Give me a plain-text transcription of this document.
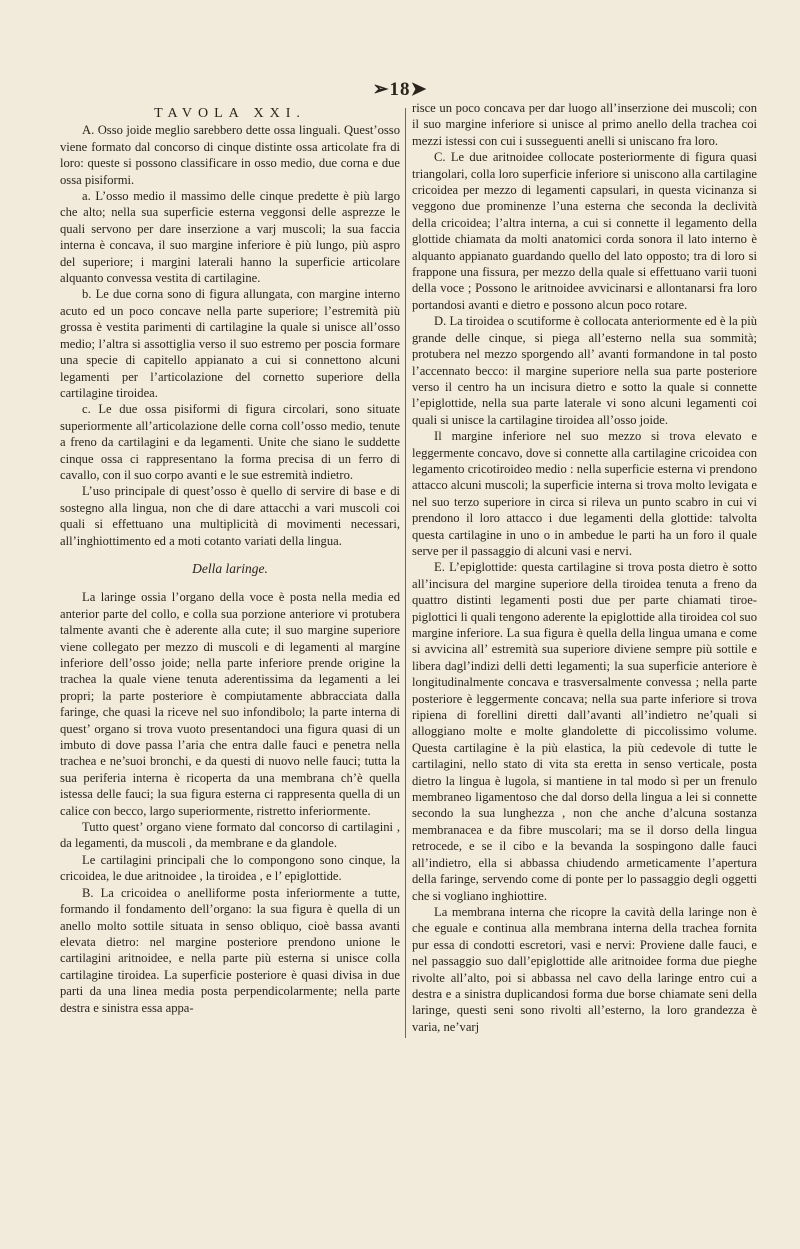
➢18➤

TAVOLA XXI.

A. Osso joide meglio sarebbero dette ossa linguali. Quest’osso viene formato dal concorso di cinque distinte ossa articolate fra di loro: queste si possono classificare in osso medio, due corna e due ossa pisiformi.

a. L’osso medio il massimo delle cinque predette è più largo che alto; nella sua superficie esterna veggonsi delle asprezze le quali servono per dare inserzione a varj muscoli; la sua faccia interna è concava, il suo margine inferiore è più lungo, più aspro del superiore; i margini laterali hanno la superficie articolare alquanto convessa vestita di cartilagine.

b. Le due corna sono di figura allungata, con margine interno acuto ed un poco concave nella parte superiore; l’estremità più grossa è vestita parimenti di cartilagine la quale si unisce all’osso medio; l’altra si assottiglia verso il suo estremo per poscia formare una specie di capitello appianato a cui si connettono alcuni legamenti per l’articolazione del cornetto superiore della cartilagine tiroidea.

c. Le due ossa pisiformi di figura circolari, sono situate superiormente all’articolazione delle corna coll’osso medio, tenute a freno da cartilagini e da legamenti. Unite che siano le suddette cinque ossa ci rappresentano la forma precisa di un ferro di cavallo, con il suo corpo avanti e le sue estremità indietro.

L’uso principale di quest’osso è quello di servire di base e di sostegno alla lingua, non che di dare attacchi a vari muscoli coi quali si effettuano una multiplicità di movimenti necessari, all’inghiottimento ed a moti cotanto variati della lingua.

Della laringe.

La laringe ossia l’organo della voce è posta nella media ed anterior parte del collo, e colla sua porzione anteriore vi protubera talmente avanti che è aderente alla cute; il suo margine superiore viene collegato per mezzo di muscoli e di legamenti al margine inferiore dell’osso joide; nella parte inferiore prende origine la trachea la quale viene tenuta aderentissima da legamenti a lei propri; la parte posteriore è compiutamente abbracciata dalla faringe, che quasi la riceve nel suo infondibolo; la parte interna di quest’ organo si trova vuoto presentandoci una figura quasi di un imbuto di dove passa l’aria che entra dalle fauci e penetra nella trachea e ne’suoi bronchi, e da questi di nuovo nelle fauci; tutta la sua periferia interna è ricoperta da una membrana ch’è quella istessa delle fauci; la sua figura esterna ci rappresenta quella di un calice con becco, largo superiormente, ristretto inferiormente.

Tutto quest’ organo viene formato dal concorso di cartilagini , da legamenti, da muscoli , da membrane e da glandole.

Le cartilagini principali che lo compongono sono cinque, la cricoidea, le due aritnoidee , la tiroidea , e l’ epiglottide.

B. La cricoidea o anelliforme posta inferiormente a tutte, formando il fondamento dell’organo: la sua figura è quella di un anello molto sottile situata in senso obliquo, cioè bassa avanti elevata dietro: nel margine posteriore prendono unione le cartilagini aritnoidee, e nella parte più esterna si unisce colla cartilagine tiroidea. La superficie posteriore è quasi divisa in due parti da una linea media posta perpendicolarmente; nella parte destra e sinistra essa appa-

risce un poco concava per dar luogo all’inserzione dei muscoli; con il suo margine inferiore si unisce al primo anello della trachea coi mezzi istessi con cui i susseguenti anelli si uniscano fra loro.

C. Le due aritnoidee collocate posteriormente di figura quasi triangolari, colla loro superficie inferiore si uniscono alla cartilagine cricoidea per mezzo di legamenti capsulari, in questa vicinanza si veggono due prominenze l’una esterna che seconda la declività della cricoidea; l’altra interna, a cui si connette il legamento della glottide chiamata da molti anatomici corda sonora il lato interno è alquanto appianato guardando quello del lato opposto; tra di loro si frappone una fissura, per mezzo della quale si effettuano varii tuoni della voce ; Possono le aritnoidee avvicinarsi e allontanarsi fra loro portandosi avanti e dietro e possono alcun poco rotare.

D. La tiroidea o scutiforme è collocata anteriormente ed è la più grande delle cinque, si piega all’esterno nella sua sommità; protubera nel mezzo sporgendo all’ avanti formandone in tal posto l’accennato becco: il margine superiore nella sua parte posteriore verso il centro ha un incisura dietro e sotto la quale si connette l’epiglottide, nella sua parte laterale vi sono alcuni legamenti coi quali si unisce la cartilagine tiroidea all’osso joide.

Il margine inferiore nel suo mezzo si trova elevato e leggermente concavo, dove si connette alla cartilagine cricoidea con legamento cricotiroideo medio : nella superficie esterna vi prendono attacco alcuni muscoli; la superficie interna si trova molto levigata e nel suo terzo superiore in circa si rileva un punto scabro in cui vi prendono il loro attacco i due legamenti della glottide: talvolta questa cartilagine in uno o in ambedue le parti ha un foro il quale serve per il passaggio di alcuni vasi e nervi.

E. L’epiglottide: questa cartilagine si trova posta dietro è sotto all’incisura del margine superiore della tiroidea tenuta a freno da quattro distinti legamenti posti due per parte chiamati tiroe-piglottici li quali tengono aderente la epiglottide alla tiroidea col suo margine inferiore. La sua figura è quella della lingua umana e come si avvicina all’ estremità sua superiore diviene sempre più sottile e libera dagl’indizi delli detti legamenti; la sua superficie anteriore è longitudinalmente concava e trasversalmente convessa ; nella parte posteriore è leggermente concava; nella sua parte inferiore si trova ripiena di forellini diretti dall’avanti all’indietro ne’quali si alloggiano molte e molte glandolette di piccolissimo volume. Questa cartilagine è la più elastica, la più cedevole di tutte le cartilagini, nello stato di vita sta eretta in senso verticale, posta dietro la lingua è lugola, si mantiene in tal modo sì per un frenulo membraneo ligamentoso che dal dorso della lingua a lei si connette secondo la sua lunghezza , non che anche d’alcuna sostanza membranacea e da fibre muscolari; ma se il dorso della lingua retrocede, e se il cibo e la bevanda la sospingono dalle fauci all’indietro, ella si abbassa chiudendo armeticamente l’apertura della faringe, servendo come di ponte per lo passaggio degli oggetti che si vogliano inghiottire.

La membrana interna che ricopre la cavità della laringe non è che eguale e continua alla membrana interna della trachea fornita pur essa di condotti escretori, vasi e nervi: Proviene dalle fauci, e nel passaggio suo dall’epiglottide alle aritnoidee forma due pieghe rivolte all’alto, poi si abbassa nel cavo della laringe entro cui a destra e a sinistra duplicandosi forma due borse chiamate seni della laringe, questi seni sono rivolti all’esterno, la loro grandezza è varia, ne’varj
